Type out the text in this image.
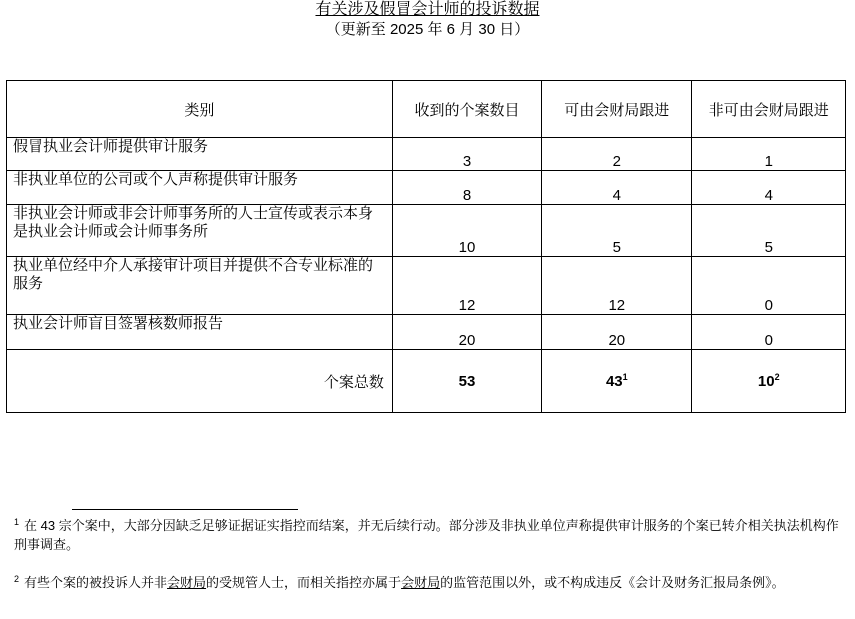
有关涉及假冒会计师的投诉数据
（更新至 2025 年 6 月 30 日）
类别	收到的个案数目	可由会财局跟进	非可由会财局跟进
假冒执业会计师提供审计服务	3	2	1
非执业单位的公司或个人声称提供审计服务	8	4	4
非执业会计师或非会计师事务所的人士宣传或表示本身是执业会计师或会计师事务所	10	5	5
执业单位经中介人承接审计项目并提供不合专业标准的服务	12	12	0
执业会计师盲目签署核数师报告	20	20	0
个案总数	53	$43^1$	$10^2$
$^1$ 在 43 宗个案中，大部分因缺乏足够证据证实指控而结案，并无后续行动。部分涉及非执业单位声称提供审计服务的个案已转介相关执法机构作刑事调查。
$^2$ 有些个案的被投诉人并非会财局的受规管人士，而相关指控亦属于会财局的监管范围以外，或不构成违反《会计及财务汇报局条例》。
